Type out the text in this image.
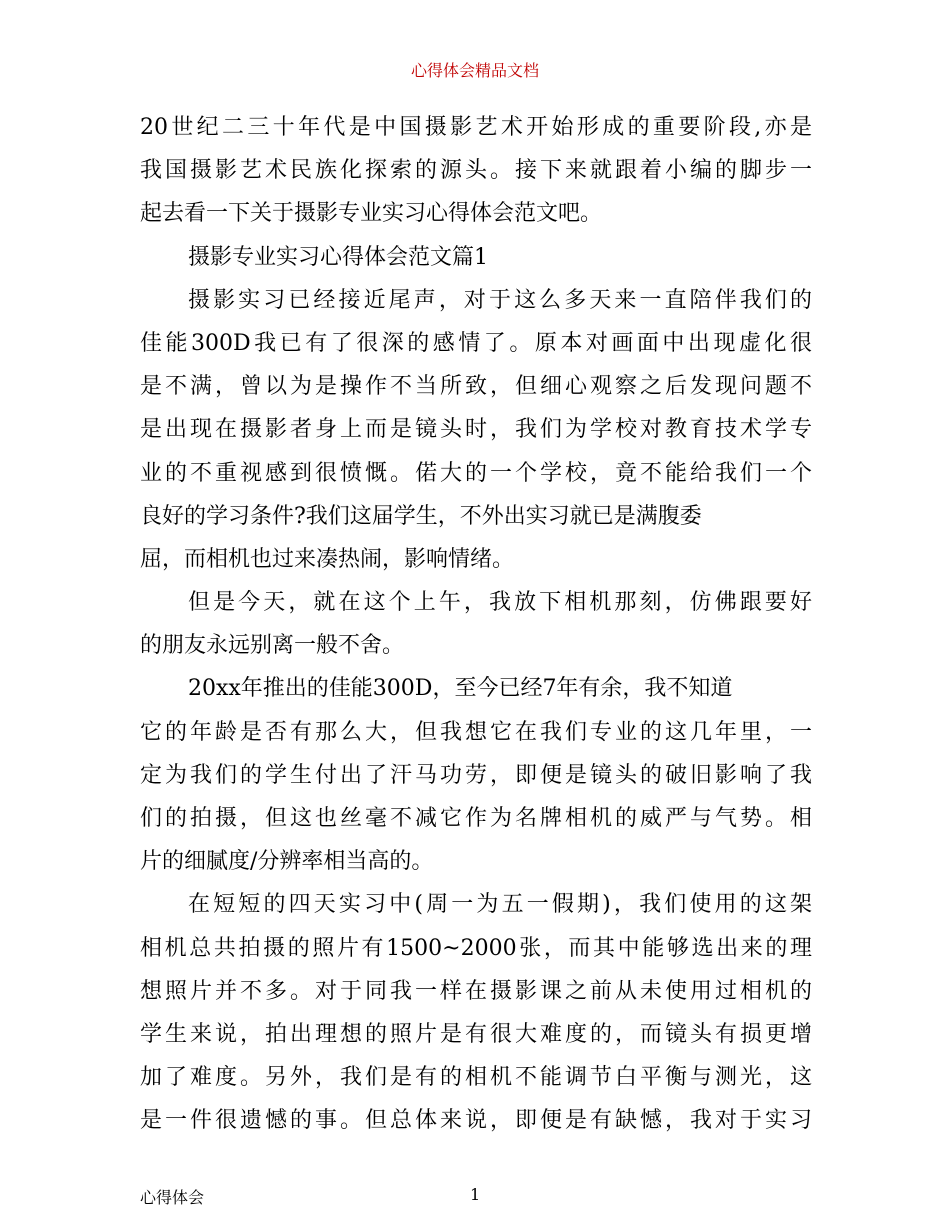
心得体会精品文档
20世纪二三十年代是中国摄影艺术开始形成的重要阶段,亦是
我国摄影艺术民族化探索的源头。接下来就跟着小编的脚步一
起去看一下关于摄影专业实习心得体会范文吧。
摄影专业实习心得体会范文篇1
摄影实习已经接近尾声，对于这么多天来一直陪伴我们的
佳能300D我已有了很深的感情了。原本对画面中出现虚化很
是不满，曾以为是操作不当所致，但细心观察之后发现问题不
是出现在摄影者身上而是镜头时，我们为学校对教育技术学专
业的不重视感到很愤慨。偌大的一个学校，竟不能给我们一个
良好的学习条件?我们这届学生，不外出实习就已是满腹委
屈，而相机也过来凑热闹，影响情绪。
但是今天，就在这个上午，我放下相机那刻，仿佛跟要好
的朋友永远别离一般不舍。
20xx年推出的佳能300D，至今已经7年有余，我不知道
它的年龄是否有那么大，但我想它在我们专业的这几年里，一
定为我们的学生付出了汗马功劳，即便是镜头的破旧影响了我
们的拍摄，但这也丝毫不减它作为名牌相机的威严与气势。相
片的细腻度/分辨率相当高的。
在短短的四天实习中(周一为五一假期)，我们使用的这架
相机总共拍摄的照片有1500~2000张，而其中能够选出来的理
想照片并不多。对于同我一样在摄影课之前从未使用过相机的
学生来说，拍出理想的照片是有很大难度的，而镜头有损更增
加了难度。另外，我们是有的相机不能调节白平衡与测光，这
是一件很遗憾的事。但总体来说，即便是有缺憾，我对于实习
心得体会	1
